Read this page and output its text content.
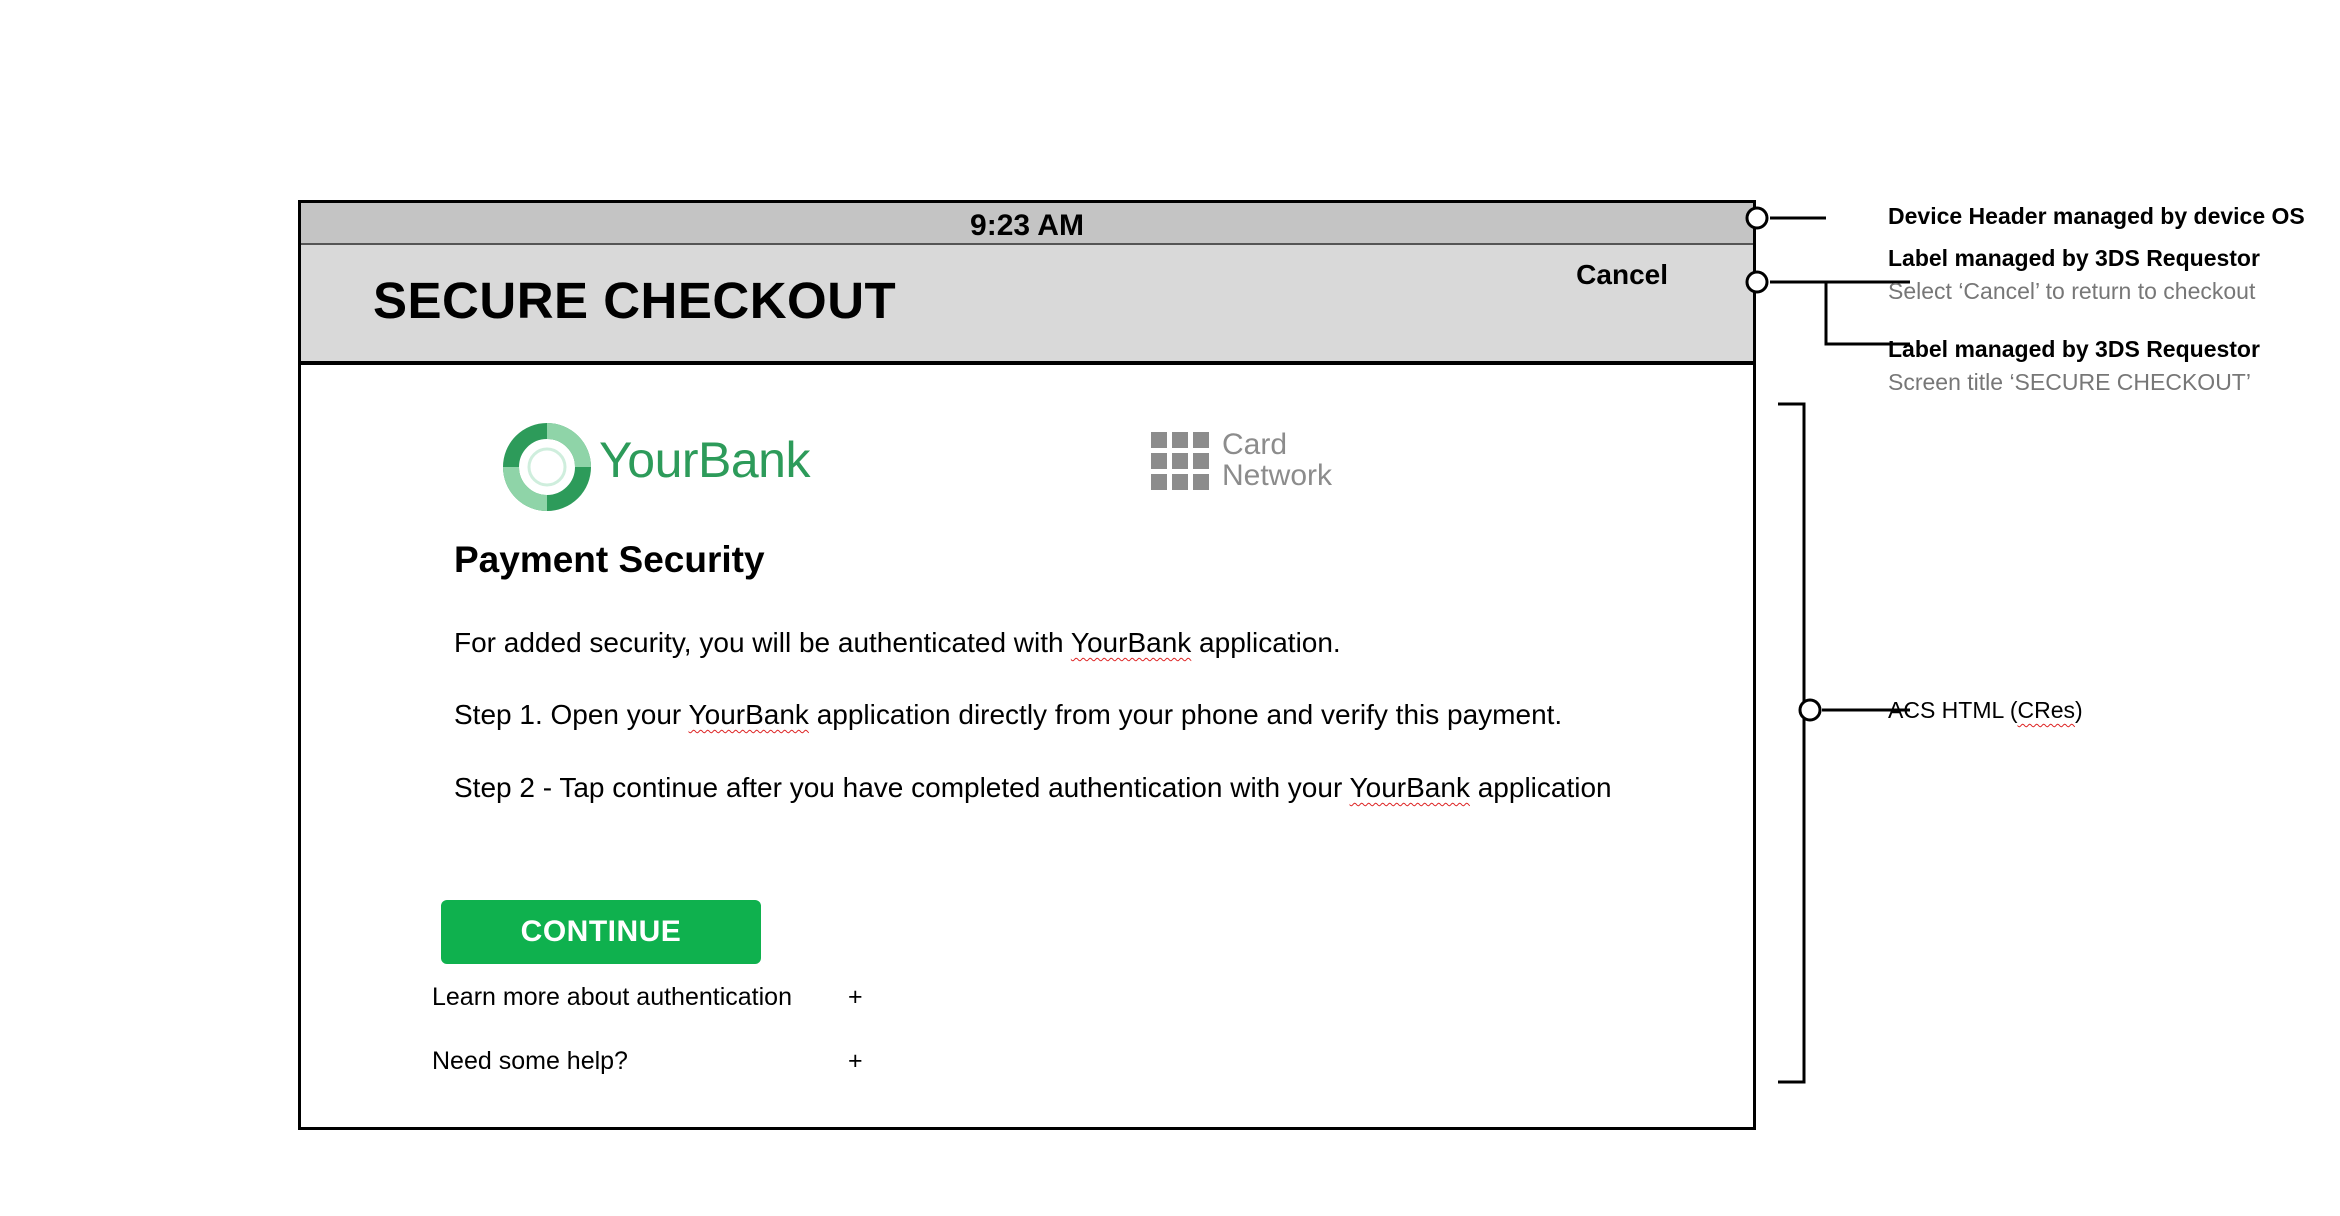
9:23 AM
SECURE CHECKOUT	Cancel
YourBank	Card
Network
Payment Security
For added security, you will be authenticated with YourBank application.
Step 1. Open your YourBank application directly from your phone and verify this payment.
Step 2 - Tap continue after you have completed authentication with your YourBank application
CONTINUE
Learn more about authentication +
Need some help?	+
Device Header managed by device OS
Label managed by 3DS Requestor
Select ‘Cancel’ to return to checkout
Label managed by 3DS Requestor
Screen title ‘SECURE CHECKOUT’
ACS HTML (CRes)
